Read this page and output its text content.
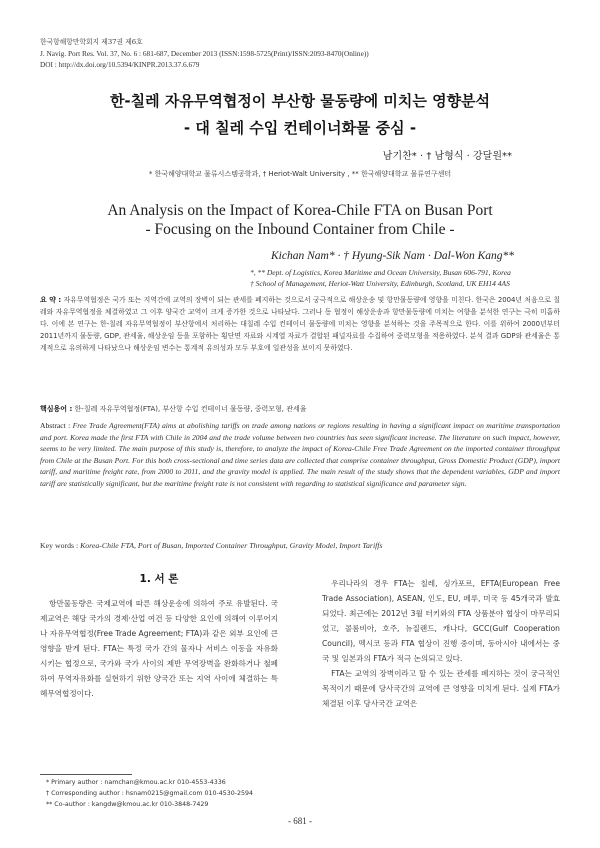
한국항해항만학회지 제37권 제6호
J. Navig. Port Res. Vol. 37, No. 6 : 681-687, December 2013 (ISSN:1598-5725(Print)/ISSN:2093-8470(Online))
DOI : http://dx.doi.org/10.5394/KINPR.2013.37.6.679
한-칠레 자유무역협정이 부산항 물동량에 미치는 영향분석
- 대 칠레 수입 컨테이너화물 중심 -
남기찬* · † 남형식 · 강달원**
* 한국해양대학교 물류시스템공학과, † Heriot-Walt University , ** 한국해양대학교 물류연구센터
An Analysis on the Impact of Korea-Chile FTA on Busan Port
- Focusing on the Inbound Container from Chile -
Kichan Nam* · † Hyung-Sik Nam · Dal-Won Kang**
*, ** Dept. of Logistics, Korea Maritime and Ocean University, Busan 606-791, Korea
† School of Management, Heriot-Watt University, Edinburgh, Scotland, UK EH14 4AS
요 약 : 자유무역협정은 국가 또는 지역간에 교역의 장벽이 되는 관세를 폐지하는 것으로서 궁극적으로 해상운송 및 항만물동량에 영향을 미친다. 한국은 2004년 처음으로 칠레와 자유무역협정을 체결하였고 그 이후 양국간 교역이 크게 증가한 것으로 나타났다. 그러나 동 협정이 해상운송과 항만물동량에 미치는 여향을 분석한 연구는 극히 미흡하다. 이에 본 연구는 한-칠레 자유무역협정이 부산항에서 처리하는 대칠레 수입 컨테이너 물동량에 미치는 영향을 분석하는 것을 주목적으로 한다. 이를 위하여 2000년부터 2011년까지 물동량, GDP, 관세율, 해상운임 등을 포함하는 횡단면 자료와 시계열 자료가 결합된 패널자료를 수집하여 중력모형을 적용하였다. 분석 결과 GDP와 관세율은 통계적으로 유의하게 나타났으나 해상운임 변수는 통계적 유의성과 모두 부호에 일관성을 보이지 못하였다.
핵심용어 : 한-칠레 자유무역협정(FTA), 부산항 수입 컨테이너 물동량, 중력모형, 관세율
Abstract : Free Trade Agreement(FTA) aims at abolishing tariffs on trade among nations or regions resulting in having a significant impact on maritime transportation and port. Korea made the first FTA with Chile in 2004 and the trade volume between two countries has seen significant increase. The literature on such impact, however, seems to be very limited. The main purpose of this study is, therefore, to analyze the impact of Korea-Chile Free Trade Agreement on the imported container throughput from Chile at the Busan Port. For this both cross-sectional and time series data are collected that comprise container throughput, Gross Domestic Product (GDP), import tariff, and maritime freight rate, from 2000 to 2011, and the gravity model is applied. The main result of the study shows that the dependent variables, GDP and import tariff are statistically significant, but the maritime freight rate is not consistent with regarding to statistical significance and parameter sign.
Key words : Korea-Chile FTA, Port of Busan, Imported Container Throughput, Gravity Model, Import Tariffs
1. 서 론

항만물동량은 국제교역에 따른 해상운송에 의하여 주로 유발된다. 국제교역은 해당 국가의 경제·산업 여건 등 다양한 요인에 의해여 이루어지나 자유무역협정(Free Trade Agreement; FTA)과 같은 외부 요인에 큰 영향을 받게 된다. FTA는 특정 국가 간의 물자나 서비스 이동을 자유화시키는 협정으로, 국가와 국가 사이의 제반 무역장벽을 완화하거나 철폐하여 무역자유화를 실현하기 위한 양국간 또는 지역 사이에 체결하는 특혜무역협정이다.

우리나라의 경우 FTA는 칠레, 싱가포르, EFTA(European Free Trade Association), ASEAN, 인도, EU, 페루, 미국 등 45개국과 발효되었다. 최근에는 2012년 3월 터키와의 FTA 상품분야 협상이 마무리되었고, 콜롬비아, 호주, 뉴질랜드, 캐나다, GCC(Gulf Cooperation Council), 멕시코 등과 FTA 협상이 진행 중이며, 동아시아 내에서는 중국 및 일본과의 FTA가 적극 논의되고 있다.

FTA는 교역의 장벽이라고 할 수 있는 관세를 폐지하는 것이 궁극적인 목적이기 때문에 당사국간의 교역에 큰 영향을 미치게 된다. 실제 FTA가 체결된 이후 당사국간 교역은

* Primary author : namchan@kmou.ac.kr 010-4553-4336
† Corresponding author : hsnam0215@gmail.com 010-4530-2594
** Co-author : kangdw@kmou.ac.kr 010-3848-7429
- 681 -
